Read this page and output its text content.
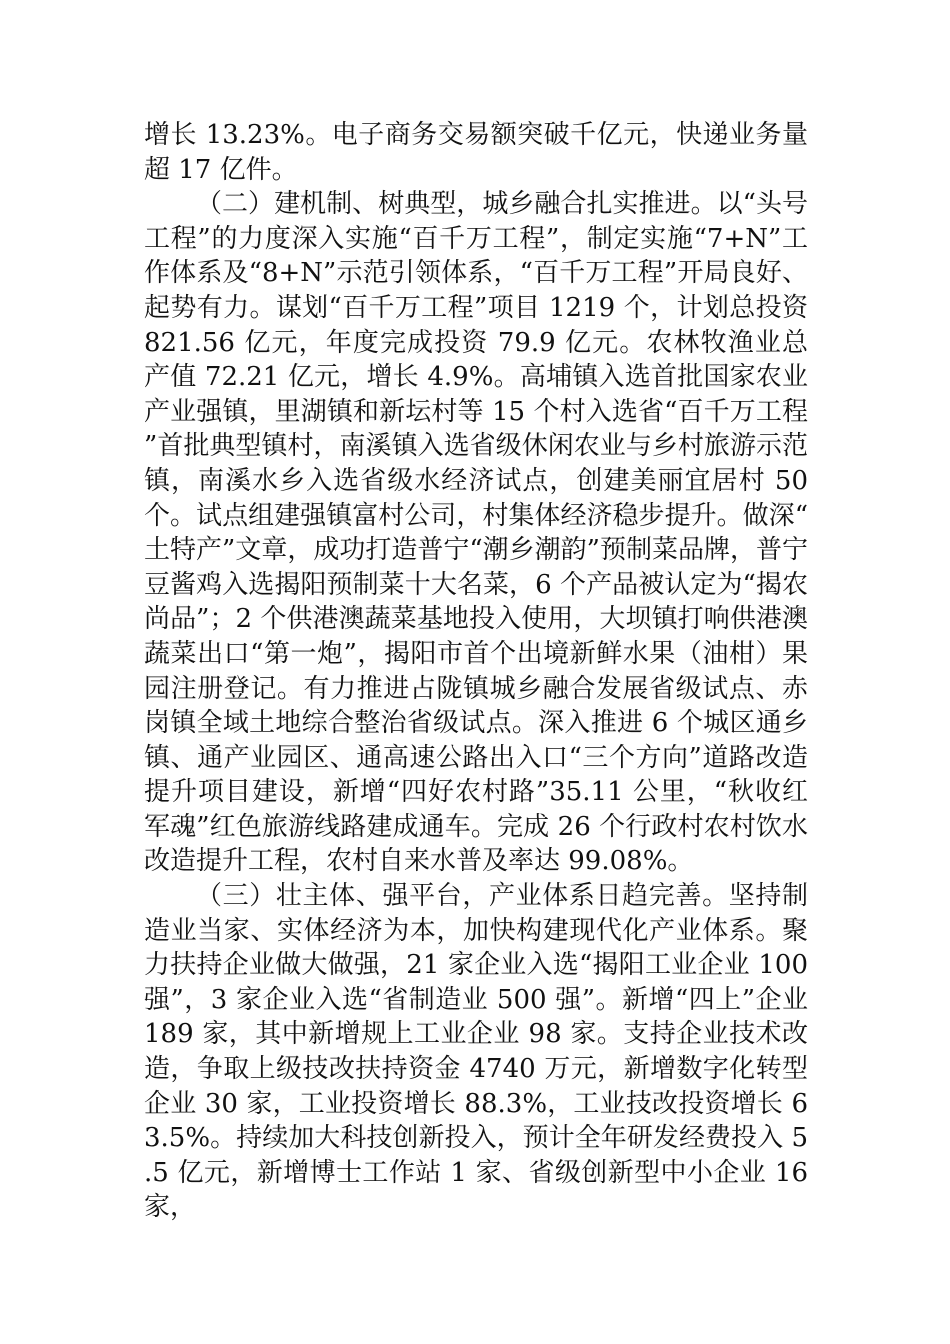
增长 13.23%。电子商务交易额突破千亿元，快递业务量超 17 亿件。

（二）建机制、树典型，城乡融合扎实推进。以“头号工程”的力度深入实施“百千万工程”，制定实施“7+N”工作体系及“8+N”示范引领体系，“百千万工程”开局良好、起势有力。谋划“百千万工程”项目 1219 个，计划总投资 821.56 亿元，年度完成投资 79.9 亿元。农林牧渔业总产值 72.21 亿元，增长 4.9%。高埔镇入选首批国家农业产业强镇，里湖镇和新坛村等 15 个村入选省“百千万工程”首批典型镇村，南溪镇入选省级休闲农业与乡村旅游示范镇，南溪水乡入选省级水经济试点，创建美丽宜居村 50 个。试点组建强镇富村公司，村集体经济稳步提升。做深“土特产”文章，成功打造普宁“潮乡潮韵”预制菜品牌，普宁豆酱鸡入选揭阳预制菜十大名菜，6 个产品被认定为“揭农尚品”；2 个供港澳蔬菜基地投入使用，大坝镇打响供港澳蔬菜出口“第一炮”，揭阳市首个出境新鲜水果（油柑）果园注册登记。有力推进占陇镇城乡融合发展省级试点、赤岗镇全域土地综合整治省级试点。深入推进 6 个城区通乡镇、通产业园区、通高速公路出入口“三个方向”道路改造提升项目建设，新增“四好农村路”35.11 公里，“秋收红军魂”红色旅游线路建成通车。完成 26 个行政村农村饮水改造提升工程，农村自来水普及率达 99.08%。

（三）壮主体、强平台，产业体系日趋完善。坚持制造业当家、实体经济为本，加快构建现代化产业体系。聚力扶持企业做大做强，21 家企业入选“揭阳工业企业 100 强”，3 家企业入选“省制造业 500 强”。新增“四上”企业 189 家，其中新增规上工业企业 98 家。支持企业技术改造，争取上级技改扶持资金 4740 万元，新增数字化转型企业 30 家，工业投资增长 88.3%，工业技改投资增长 63.5%。持续加大科技创新投入，预计全年研发经费投入 5.5 亿元，新增博士工作站 1 家、省级创新型中小企业 16 家，
